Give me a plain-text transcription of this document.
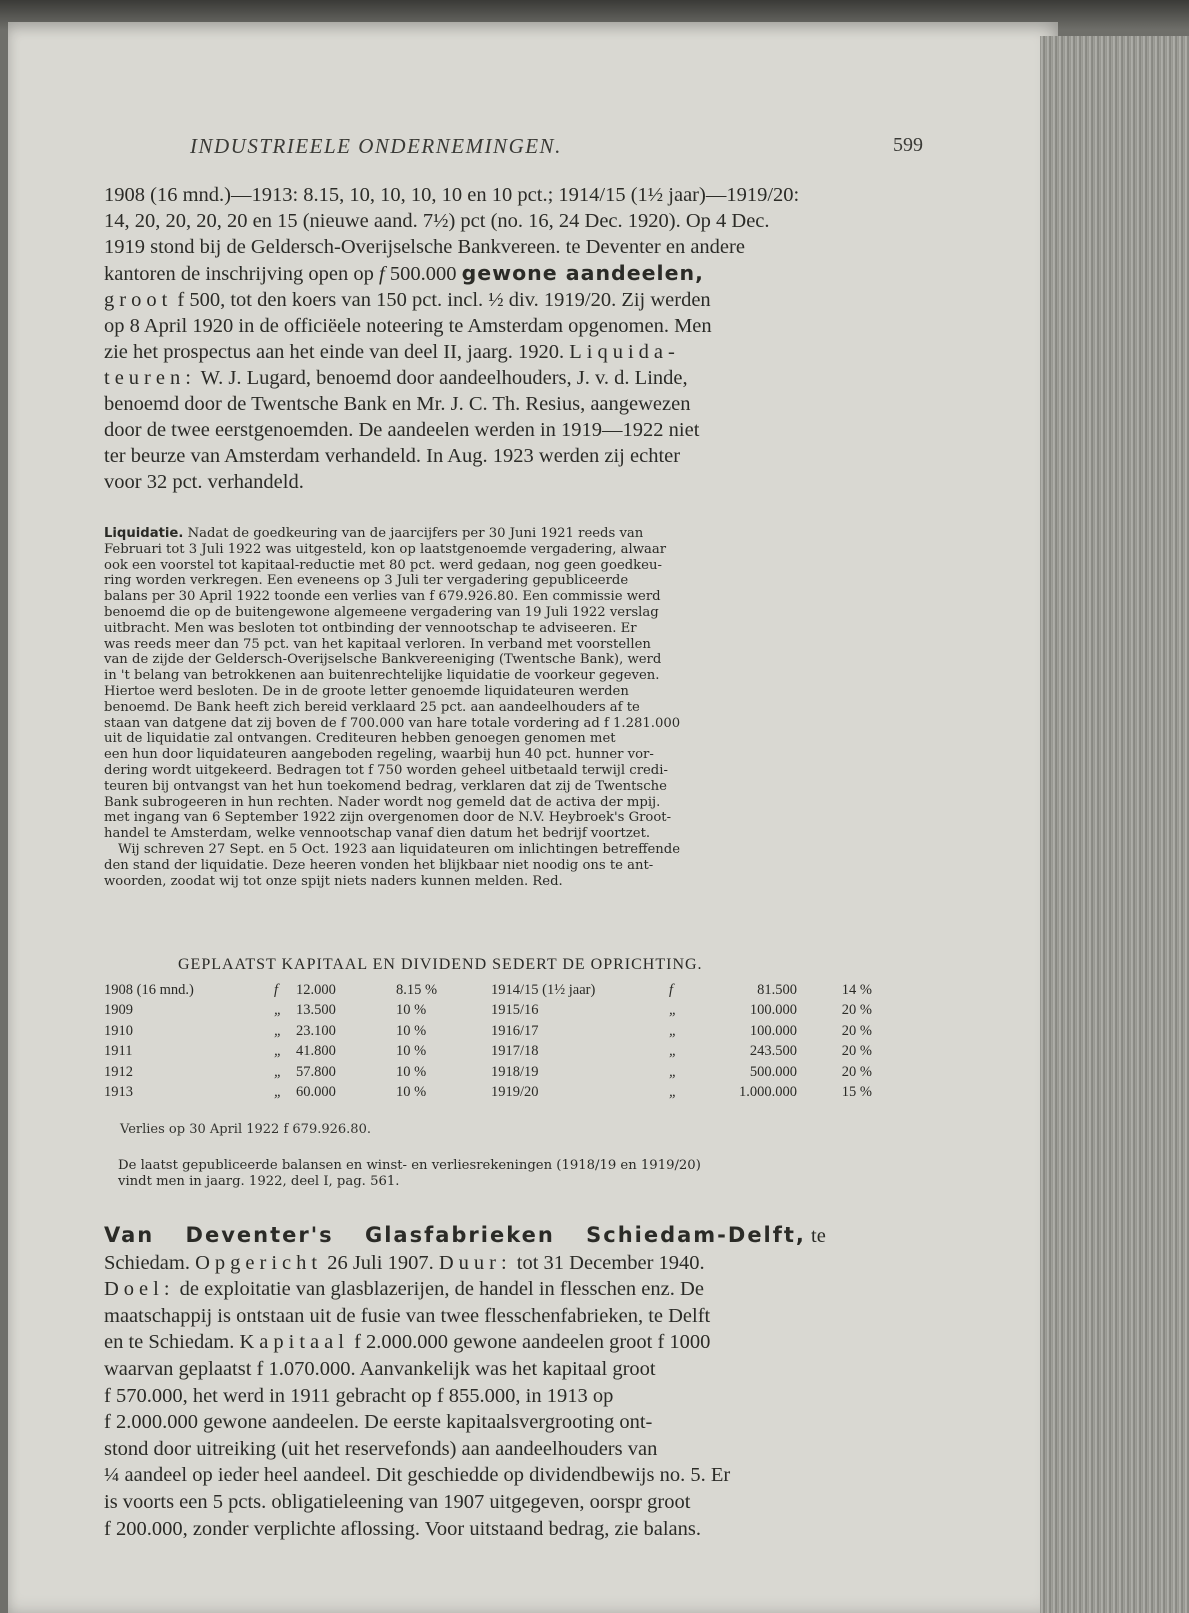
INDUSTRIEELE ONDERNEMINGEN.	599

1908 (16 mnd.)—1913: 8.15, 10, 10, 10, 10 en 10 pct.; 1914/15 (1½ jaar)—1919/20:

14, 20, 20, 20, 20 en 15 (nieuwe aand. 7½) pct (no. 16, 24 Dec. 1920). Op 4 Dec.

1919 stond bij de Geldersch-Overijselsche Bankvereen. te Deventer en andere

kantoren de inschrijving open op f 500.000 gewone aandeelen,

groot f 500, tot den koers van 150 pct. incl. ½ div. 1919/20. Zij werden

op 8 April 1920 in de officiëele noteering te Amsterdam opgenomen. Men

zie het prospectus aan het einde van deel II, jaarg. 1920. Liquida-

teuren: W. J. Lugard, benoemd door aandeelhouders, J. v. d. Linde,

benoemd door de Twentsche Bank en Mr. J. C. Th. Resius, aangewezen

door de twee eerstgenoemden. De aandeelen werden in 1919—1922 niet

ter beurze van Amsterdam verhandeld. In Aug. 1923 werden zij echter

voor 32 pct. verhandeld.

Liquidatie. Nadat de goedkeuring van de jaarcijfers per 30 Juni 1921 reeds van

Februari tot 3 Juli 1922 was uitgesteld, kon op laatstgenoemde vergadering, alwaar

ook een voorstel tot kapitaal-reductie met 80 pct. werd gedaan, nog geen goedkeu-

ring worden verkregen. Een eveneens op 3 Juli ter vergadering gepubliceerde

balans per 30 April 1922 toonde een verlies van f 679.926.80. Een commissie werd

benoemd die op de buitengewone algemeene vergadering van 19 Juli 1922 verslag

uitbracht. Men was besloten tot ontbinding der vennootschap te adviseeren. Er

was reeds meer dan 75 pct. van het kapitaal verloren. In verband met voorstellen

van de zijde der Geldersch-Overijselsche Bankvereeniging (Twentsche Bank), werd

in 't belang van betrokkenen aan buitenrechtelijke liquidatie de voorkeur gegeven.

Hiertoe werd besloten. De in de groote letter genoemde liquidateuren werden

benoemd. De Bank heeft zich bereid verklaard 25 pct. aan aandeelhouders af te

staan van datgene dat zij boven de f 700.000 van hare totale vordering ad f 1.281.000

uit de liquidatie zal ontvangen. Crediteuren hebben genoegen genomen met

een hun door liquidateuren aangeboden regeling, waarbij hun 40 pct. hunner vor-

dering wordt uitgekeerd. Bedragen tot f 750 worden geheel uitbetaald terwijl credi-

teuren bij ontvangst van het hun toekomend bedrag, verklaren dat zij de Twentsche

Bank subrogeeren in hun rechten. Nader wordt nog gemeld dat de activa der mpij.

met ingang van 6 September 1922 zijn overgenomen door de N.V. Heybroek's Groot-

handel te Amsterdam, welke vennootschap vanaf dien datum het bedrijf voortzet.

Wij schreven 27 Sept. en 5 Oct. 1923 aan liquidateuren om inlichtingen betreffende

den stand der liquidatie. Deze heeren vonden het blijkbaar niet noodig ons te ant-

woorden, zoodat wij tot onze spijt niets naders kunnen melden. Red.

GEPLAATST KAPITAAL EN DIVIDEND SEDERT DE OPRICHTING.
1908 (16 mnd.)	f	12.000	8.15 %	1914/15 (1½ jaar)	f	81.500	14 %
1909	„	13.500	10 %	1915/16	„	100.000	20 %
1910	„	23.100	10 %	1916/17	„	100.000	20 %
1911	„	41.800	10 %	1917/18	„	243.500	20 %
1912	„	57.800	10 %	1918/19	„	500.000	20 %
1913	„	60.000	10 %	1919/20	„	1.000.000	15 %
Verlies op 30 April 1922 f 679.926.80.
De laatst gepubliceerde balansen en winst- en verliesrekeningen (1918/19 en 1919/20)
vindt men in jaarg. 1922, deel I, pag. 561.

Van Deventer's Glasfabrieken Schiedam-Delft, te

Schiedam. Opgericht 26 Juli 1907. Duur: tot 31 December 1940.

Doel: de exploitatie van glasblazerijen, de handel in flesschen enz. De

maatschappij is ontstaan uit de fusie van twee flesschenfabrieken, te Delft

en te Schiedam. Kapitaal f 2.000.000 gewone aandeelen groot f 1000

waarvan geplaatst f 1.070.000. Aanvankelijk was het kapitaal groot

f 570.000, het werd in 1911 gebracht op f 855.000, in 1913 op

f 2.000.000 gewone aandeelen. De eerste kapitaalsvergrooting ont-

stond door uitreiking (uit het reservefonds) aan aandeelhouders van

¼ aandeel op ieder heel aandeel. Dit geschiedde op dividendbewijs no. 5. Er

is voorts een 5 pcts. obligatieleening van 1907 uitgegeven, oorspr groot

f 200.000, zonder verplichte aflossing. Voor uitstaand bedrag, zie balans.
